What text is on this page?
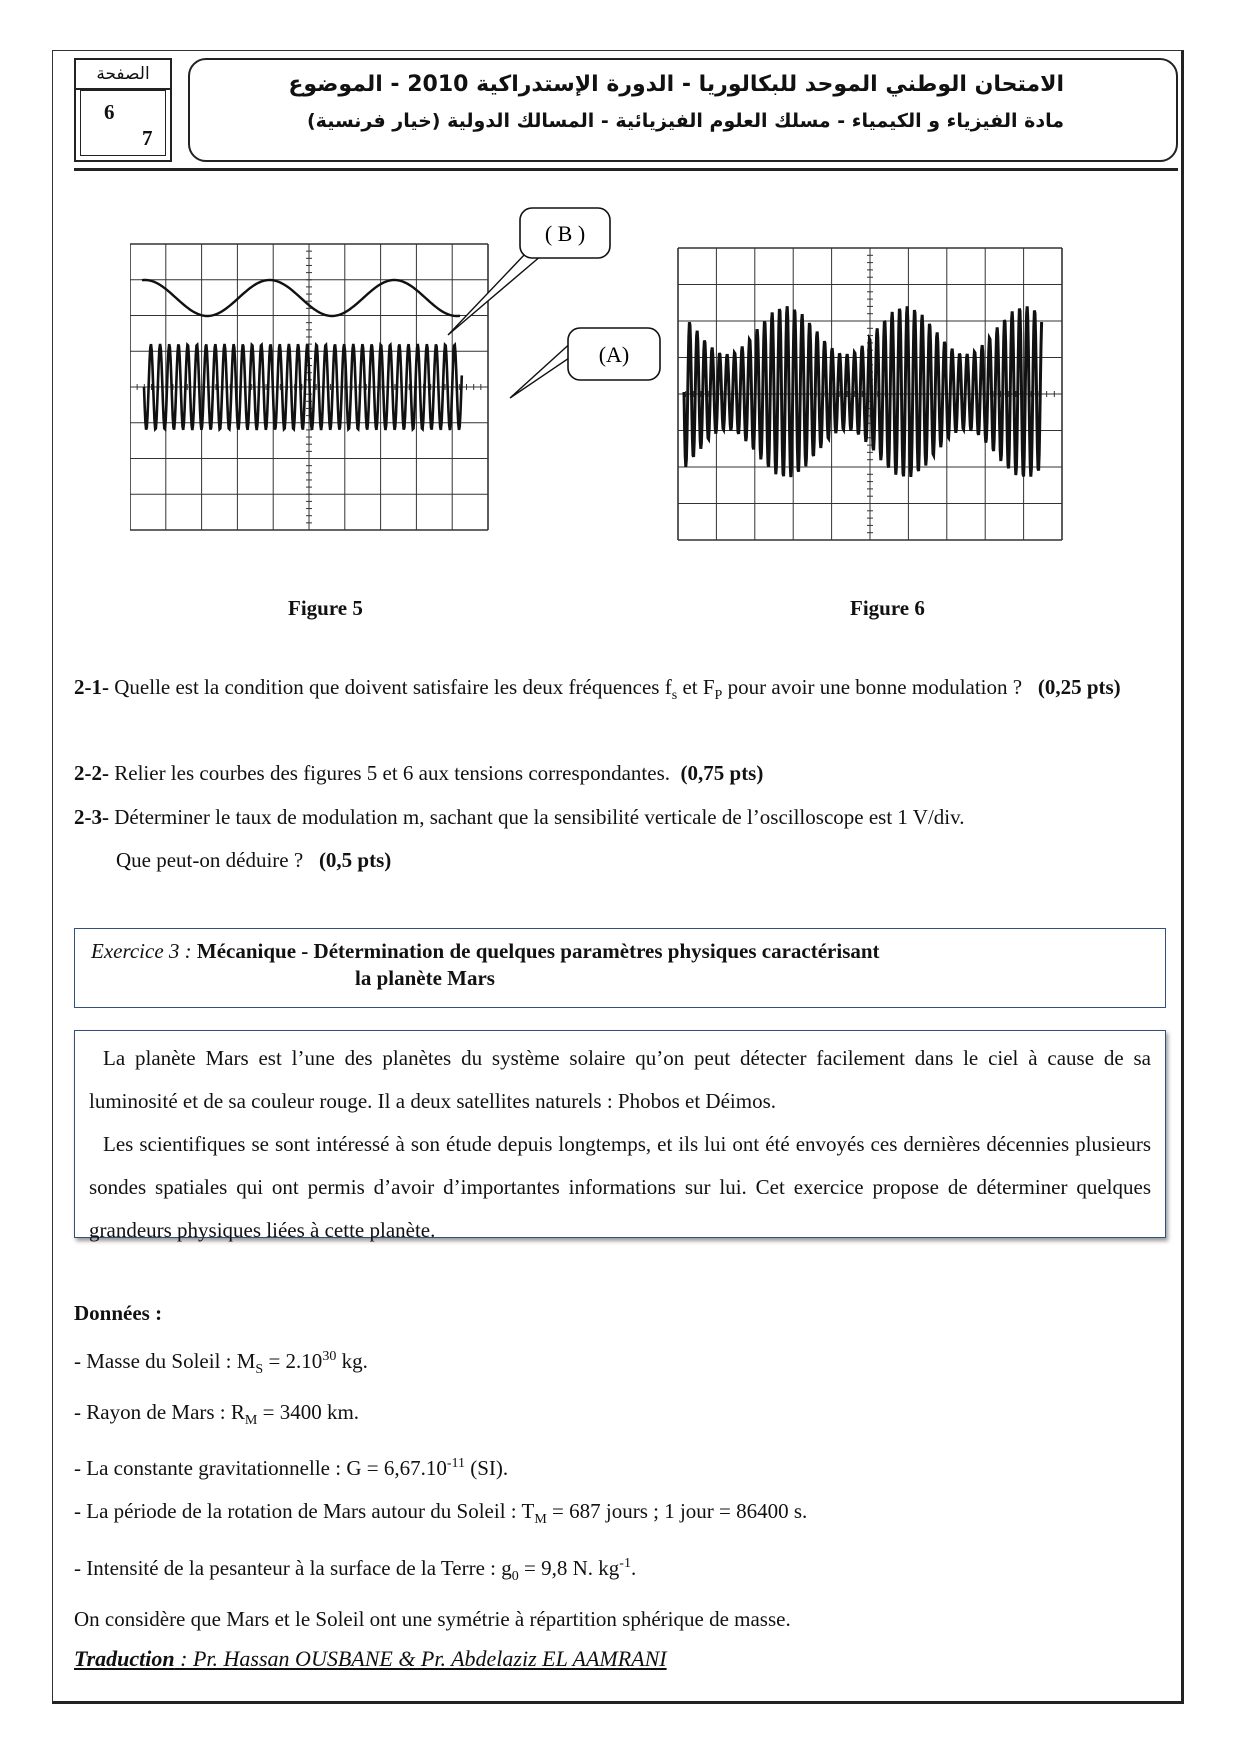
الصفحة
6
7
الامتحان الوطني الموحد للبكالوريا - الدورة الإستدراكية 2010 - الموضوع
مادة الفيزياء و الكيمياء - مسلك العلوم الفيزيائية - المسالك الدولية (خيار فرنسية)
( B )
(A)
Figure 5	Figure 6
2-1- Quelle est la condition que doivent satisfaire les deux fréquences $f_s$ et $F_P$ pour avoir une bonne modulation ? (0,25 pts)
2-2- Relier les courbes des figures 5 et 6 aux tensions correspondantes. (0,75 pts)
2-3- Déterminer le taux de modulation m, sachant que la sensibilité verticale de l’oscilloscope est 1 V/div.
Que peut-on déduire ? (0,5 pts)
Exercice 3 : Mécanique - Détermination de quelques paramètres physiques caractérisant
la planète Mars

La planète Mars est l’une des planètes du système solaire qu’on peut détecter facilement dans le ciel à cause de sa luminosité et de sa couleur rouge. Il a deux satellites naturels : Phobos et Déimos.

Les scientifiques se sont intéressé à son étude depuis longtemps, et ils lui ont été envoyés ces dernières décennies plusieurs sondes spatiales qui ont permis d’avoir d’importantes informations sur lui. Cet exercice propose de déterminer quelques grandeurs physiques liées à cette planète.

Données :
- Masse du Soleil : $M_S = 2.10^{30}$ kg.
- Rayon de Mars : $R_M = 3400$ km.
- La constante gravitationnelle : $G = 6,67.10^{-11}$ (SI).
- La période de la rotation de Mars autour du Soleil : $T_M = 687$ jours ; 1 jour = 86400 s.
- Intensité de la pesanteur à la surface de la Terre : $g_0 = 9,8$ N. $kg^{-1}$.
On considère que Mars et le Soleil ont une symétrie à répartition sphérique de masse.
Traduction : Pr. Hassan OUSBANE & Pr. Abdelaziz EL AAMRANI
